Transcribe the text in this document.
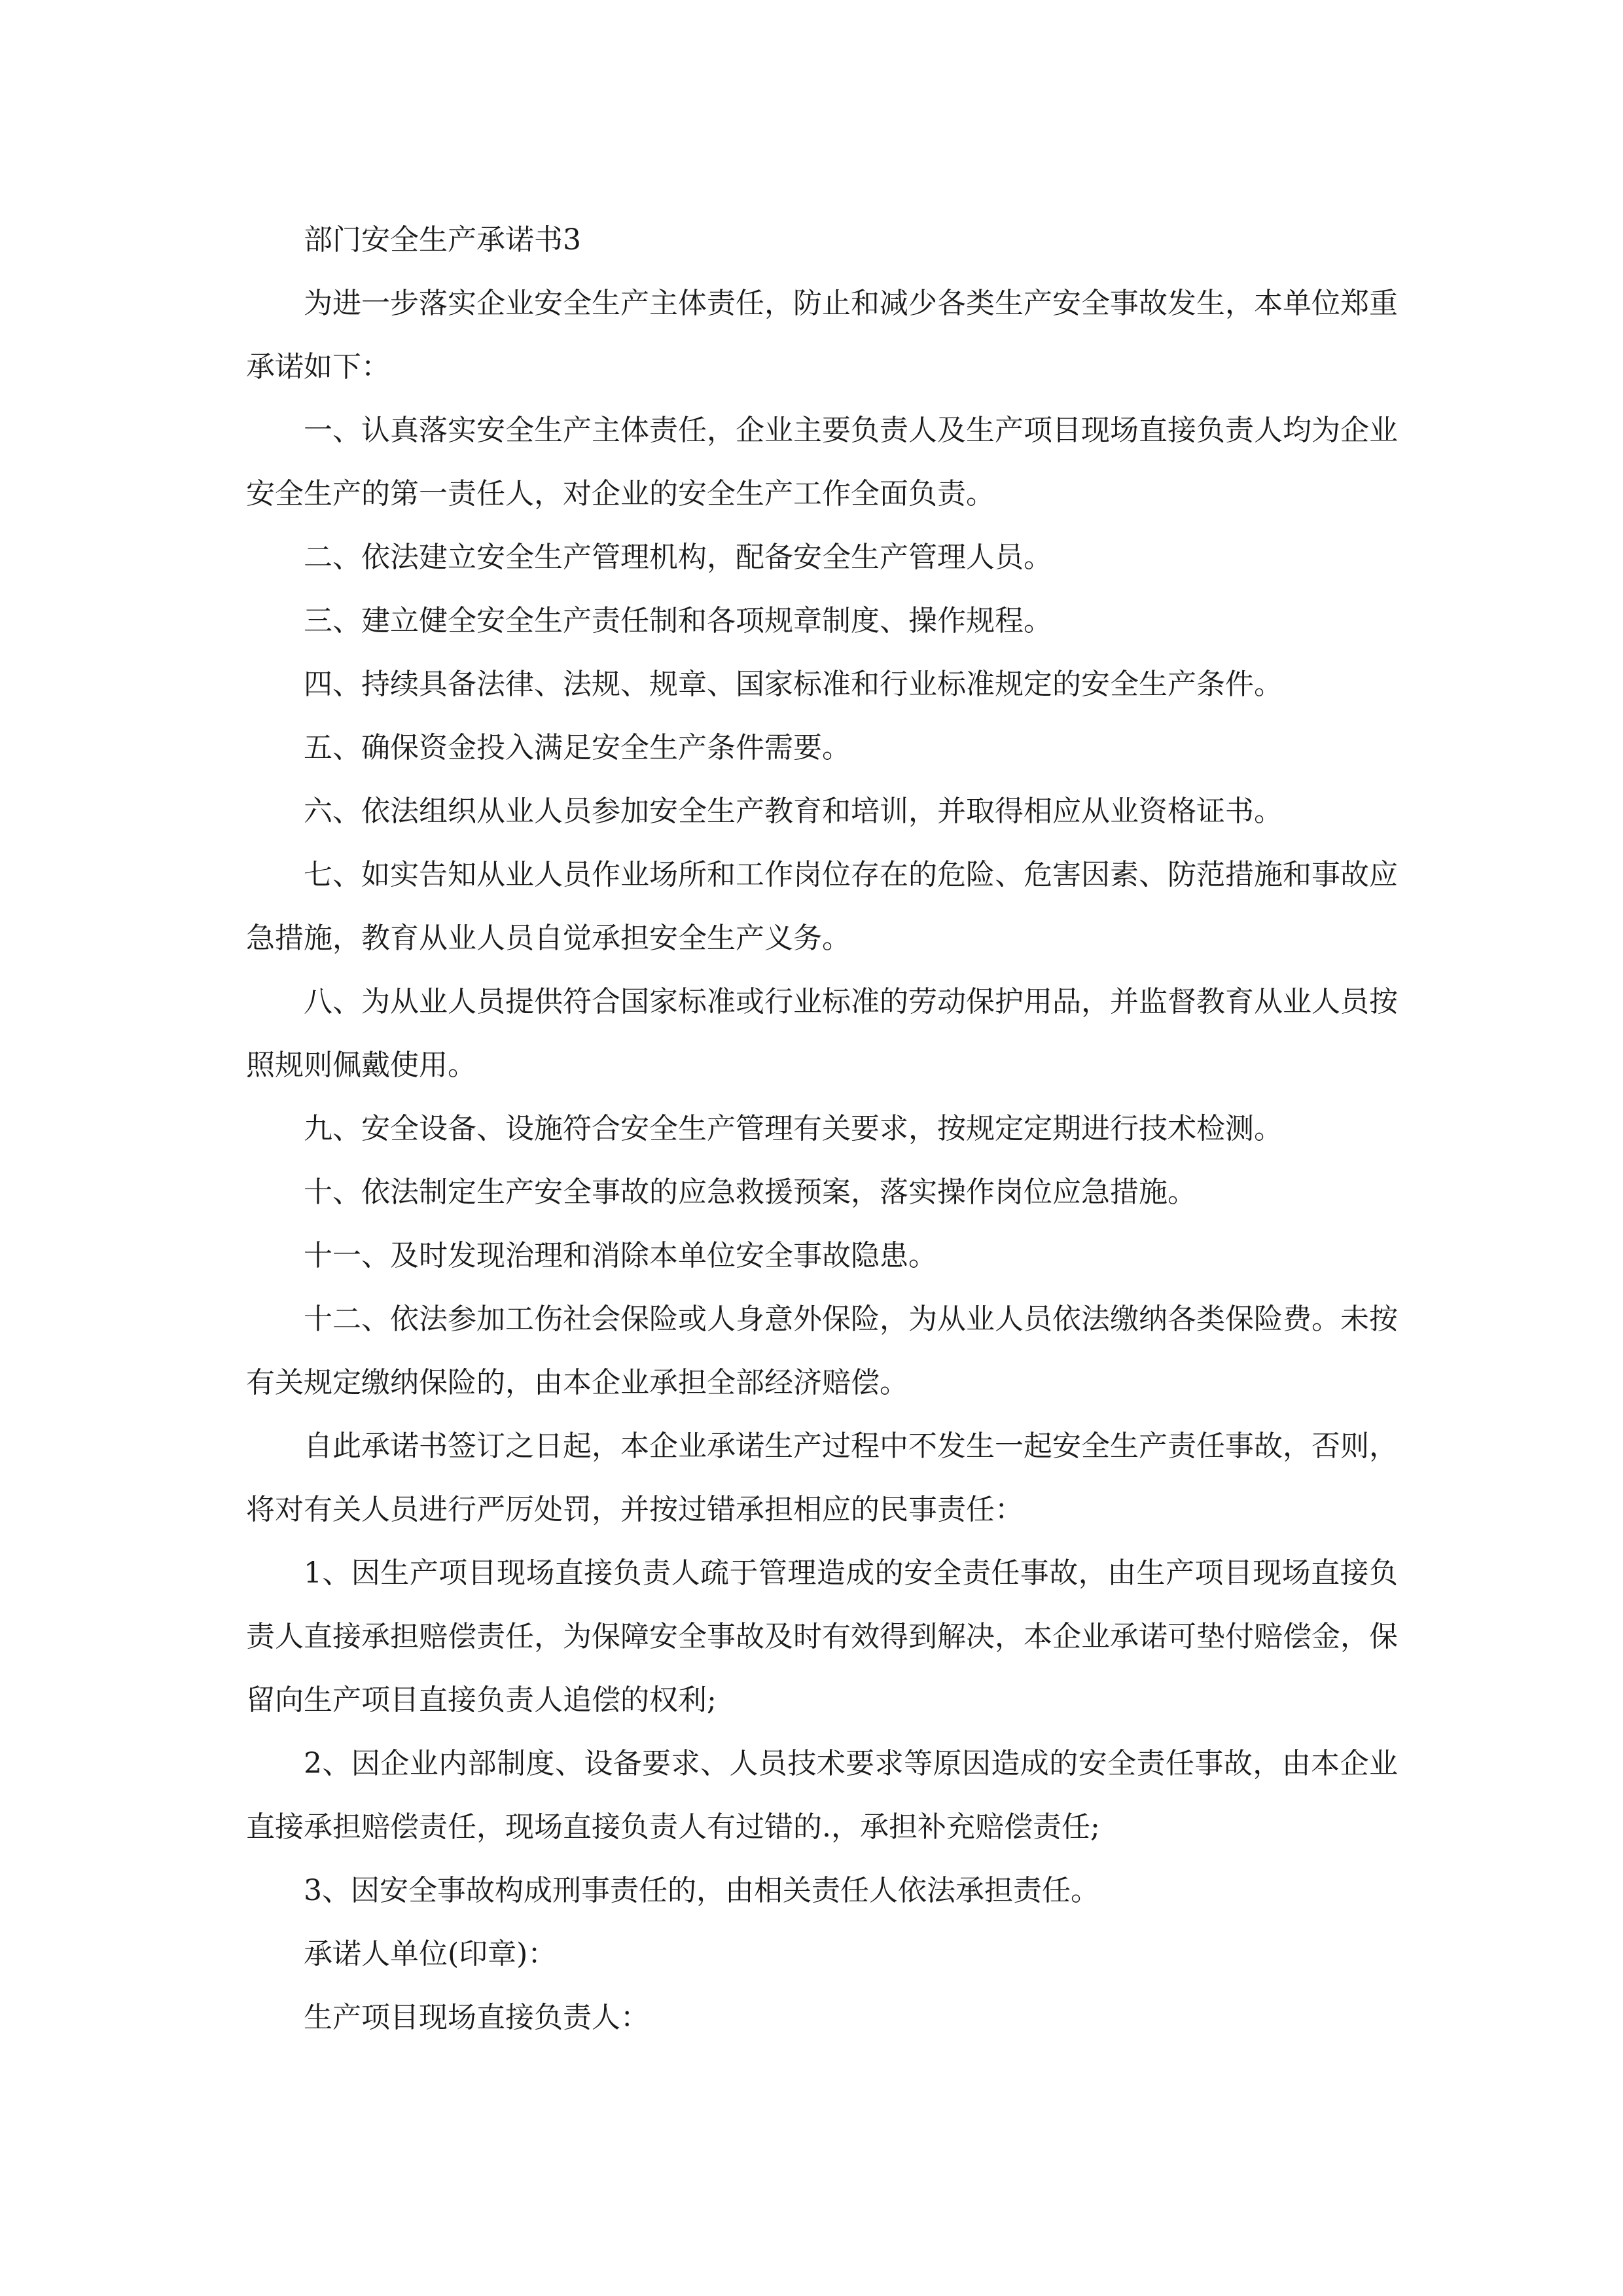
部门安全生产承诺书3

为进一步落实企业安全生产主体责任，防止和减少各类生产安全事故发生，本单位郑重承诺如下：

一、认真落实安全生产主体责任，企业主要负责人及生产项目现场直接负责人均为企业安全生产的第一责任人，对企业的安全生产工作全面负责。

二、依法建立安全生产管理机构，配备安全生产管理人员。

三、建立健全安全生产责任制和各项规章制度、操作规程。

四、持续具备法律、法规、规章、国家标准和行业标准规定的安全生产条件。

五、确保资金投入满足安全生产条件需要。

六、依法组织从业人员参加安全生产教育和培训，并取得相应从业资格证书。

七、如实告知从业人员作业场所和工作岗位存在的危险、危害因素、防范措施和事故应急措施，教育从业人员自觉承担安全生产义务。

八、为从业人员提供符合国家标准或行业标准的劳动保护用品，并监督教育从业人员按照规则佩戴使用。

九、安全设备、设施符合安全生产管理有关要求，按规定定期进行技术检测。

十、依法制定生产安全事故的应急救援预案，落实操作岗位应急措施。

十一、及时发现治理和消除本单位安全事故隐患。

十二、依法参加工伤社会保险或人身意外保险，为从业人员依法缴纳各类保险费。未按有关规定缴纳保险的，由本企业承担全部经济赔偿。

自此承诺书签订之日起，本企业承诺生产过程中不发生一起安全生产责任事故，否则，将对有关人员进行严厉处罚，并按过错承担相应的民事责任：

1、因生产项目现场直接负责人疏于管理造成的安全责任事故，由生产项目现场直接负责人直接承担赔偿责任，为保障安全事故及时有效得到解决，本企业承诺可垫付赔偿金，保留向生产项目直接负责人追偿的权利;

2、因企业内部制度、设备要求、人员技术要求等原因造成的安全责任事故，由本企业直接承担赔偿责任，现场直接负责人有过错的.，承担补充赔偿责任;

3、因安全事故构成刑事责任的，由相关责任人依法承担责任。

承诺人单位(印章)：

生产项目现场直接负责人：
